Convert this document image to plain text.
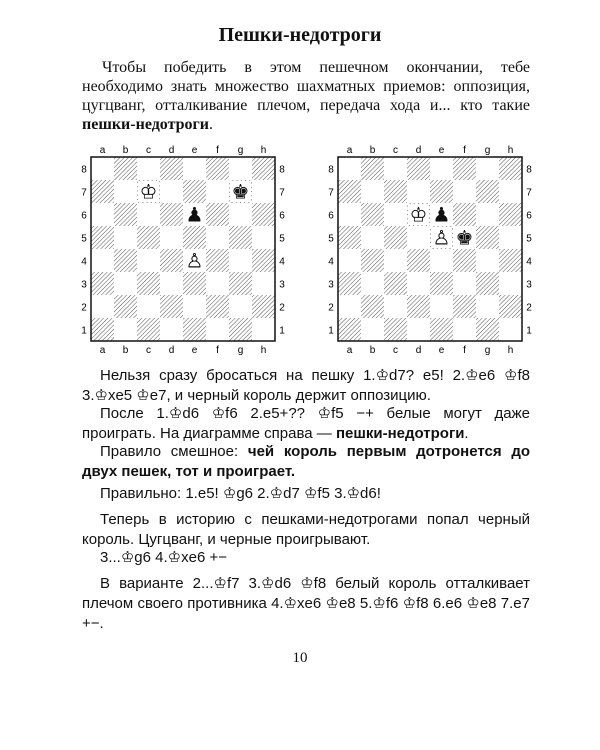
Пешки-недотроги
Чтобы победить в этом пешечном окончании, тебе необходимо знать множество шахматных приемов: оппозиция, цугцванг, отталкивание плечом, передача хода и... кто такие пешки-недотроги.
a
a
b
b
c
c
d
d
e
e
f
f
g
g
h
h
8	8
7	7
6	6
5	5
4	4
3	3
2	2
1	1
♔	♚
♟
♙
a
a
b
b
c
c
d
d
e
e
f
f
g
g
h
h
8	8
7	7
6	6
5	5
4	4
3	3
2	2
1	1
♔ ♟
♙ ♚
Нельзя сразу бросаться на пешку 1.♔d7? e5! 2.♔e6 ♔f8 3.♔xe5 ♔e7, и черный король держит оппозицию.
После 1.♔d6 ♔f6 2.e5+?? ♔f5 −+ белые могут даже проиграть. На диаграмме справа — пешки-недотроги.
Правило смешное: чей король первым дотронется до двух пешек, тот и проиграет.
Правильно: 1.e5! ♔g6 2.♔d7 ♔f5 3.♔d6!
Теперь в историю с пешками-недотрогами попал черный король. Цугцванг, и черные проигрывают.
3...♔g6 4.♔xe6 +−
В варианте 2...♔f7 3.♔d6 ♔f8 белый король отталкивает плечом своего противника 4.♔xe6 ♔e8 5.♔f6 ♔f8 6.e6 ♔e8 7.e7 +−.
10
